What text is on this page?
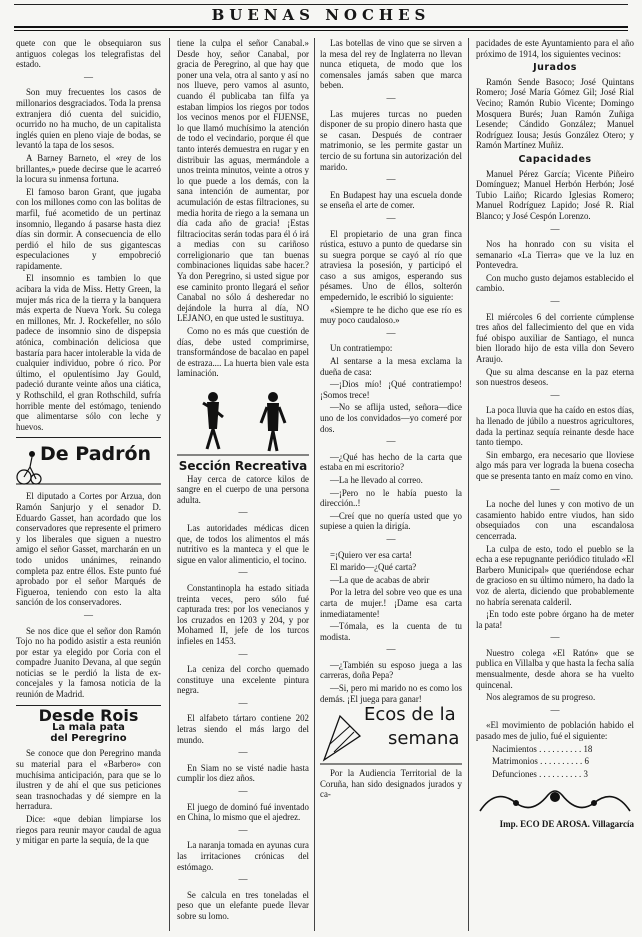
BUENAS NOCHES

quete con que le obsequiaron sus antiguos colegas los telegrafistas del estado.

—

Son muy frecuentes los casos de millonarios desgraciados. Toda la prensa extranjera dió cuenta del suicidio, ocurrido no ha mucho, de un capitalista inglés quien en pleno viaje de bodas, se levantó la tapa de los sesos.

A Barney Barneto, el «rey de los brillantes,» puede decirse que le acarreó la locura su inmensa fortuna.

El famoso baron Grant, que jugaba con los millones como con las bolitas de marfil, fué acometido de un pertinaz insomnio, llegando á pasarse hasta diez días sin dormir. A consecuencia de ello perdió el hilo de sus gigantescas especulaciones y empobreció rapidamente.

El insomnio es tambien lo que acibara la vida de Miss. Hetty Green, la mujer más rica de la tierra y la banquera más experta de Nueva York. Su colega en millones, Mr. J. Rockefeller, no sólo padece de insomnio sino de dispepsia atónica, combinación deliciosa que bastaría para hacer intolerable la vida de cualquier individuo, pobre ó rico. Por último, el opulentísimo Jay Gould, padeció durante veinte años una ciática, y Rothschild, el gran Rothschild, sufría horrible mente del estómago, teniendo que alimentarse sólo con leche y huevos.

De Padrón

El diputado a Cortes por Arzua, don Ramón Sanjurjo y el senador D. Eduardo Gasset, han acordado que los conservadores que represente el primero y los liberales que siguen a nuestro amigo el señor Gasset, marcharán en un todo unidos unánimes, reinando completa paz entre éllos. Este punto fué aprobado por el señor Marqués de Figueroa, teniendo con esto la alta sanción de los conservadores.

—

Se nos dice que el señor don Ramón Tojo no ha podido asistir a esta reunión por estar ya elegido por Coria con el compadre Juanito Devana, al que según noticias se le perdió la lista de ex-concejales y la famosa noticia de la reunión de Madrid.

Desde Rois
La mala pata
del Peregrino

Se conoce que don Peregrino manda su material para el «Barbero» con muchísima anticipación, para que se lo ilustren y de ahí el que sus peticiones sean trasnochadas y dé siempre en la herradura.

Dice: «que debian limpiarse los riegos para reunir mayor caudal de agua y mitigar en parte la sequía, de la que

tiene la culpa el señor Canabal.» Desde hoy, señor Canabal, por gracia de Peregrino, al que hay que poner una vela, otra al santo y así no nos llueve, pero vamos al asunto, cuando él publicaba tan filfa ya estaban limpios los riegos por todos los vecinos menos por el FIJENSE, lo que llamó muchísimo la atención de todo el vecindario, porque él que tanto interés demuestra en rugar y en distribuir las aguas, mermándole a unos treinta minutos, veinte a otros y lo que puede a los demás, con la sana intención de aumentar, por acumulación de estas filtraciones, su media horita de riego a la semana un día cada año de gracia! ¡Estas filtraciocitas serán todas para él ó irá a medias con su cariñoso correligionario que tan buenas combinaciones liquidas sabe hacer.? Ya don Peregrino, si usted sigue por ese caminito pronto llegará el señor Canabal no sólo á desheredar no dejándole la hurra al día, NO LEJANO, en que usted le sustituya.

Como no es más que cuestión de días, debe usted comprimirse, transformándose de bacalao en papel de estraza.... La huerta bien vale esta laminación.

Sección Recreativa

Hay cerca de catorce kilos de sangre en el cuerpo de una persona adulta.

—

Las autoridades médicas dicen que, de todos los alimentos el más nutritivo es la manteca y el que le sigue en valor alimenticio, el tocino.

—

Constantinopla ha estado sitiada treinta veces, pero sólo fué capturada tres: por los venecianos y los cruzados en 1203 y 204, y por Mohamed II, jefe de los turcos infieles en 1453.

—

La ceniza del corcho quemado constituye una excelente pintura negra.

—

El alfabeto tártaro contiene 202 letras siendo el más largo del mundo.

—

En Siam no se visté nadie hasta cumplir los diez años.

—

El juego de dominó fué inventado en China, lo mismo que el ajedrez.

—

La naranja tomada en ayunas cura las irritaciones crónicas del estómago.

—

Se calcula en tres toneladas el peso que un elefante puede llevar sobre su lomo.

Las botellas de vino que se sirven a la mesa del rey de Inglaterra no llevan nunca etiqueta, de modo que los comensales jamás saben que marca beben.

—

Las mujeres turcas no pueden disponer de su propio dinero hasta que se casan. Después de contraer matrimonio, se les permite gastar un tercio de su fortuna sin autorización del marido.

—

En Budapest hay una escuela donde se enseña el arte de comer.

—

El propietario de una gran finca rústica, estuvo a punto de quedarse sin su suegra porque se cayó al río que atraviesa la posesión, y participó el caso a sus amigos, esperando sus pésames. Uno de éllos, solterón empedernido, le escribió lo siguiente:

«Siempre te he dicho que ese río es muy poco caudaloso.»

—

Un contratiempo:

Al sentarse a la mesa exclama la dueña de casa:

—¡Dios mío! ¡Qué contratiempo! ¡Somos trece!

—No se aflija usted, señora—dice uno de los convidados—yo comeré por dos.

—

—¿Qué has hecho de la carta que estaba en mi escritorio?

—La he llevado al correo.

—¡Pero no le había puesto la dirección..!

—Creí que no quería usted que yo supiese a quien la dirigía.

—

=¡Quiero ver esa carta!

El marido—¿Qué carta?

—La que de acabas de abrir

Por la letra del sobre veo que es una carta de mujer.! ¡Dame esa carta inmediatamente!

—Tómala, es la cuenta de tu modista.

—

—¿También su esposo juega a las carreras, doña Pepa?

—Si, pero mi marido no es como los demás. ¡El juega para ganar!

Ecos de la
semana

Por la Audiencia Territorial de la Coruña, han sido designados jurados y ca-

pacidades de este Ayuntamiento para el año próximo de 1914, los siguientes vecinos:

Jurados

Ramón Sende Basoco; José Quintans Romero; José María Gómez Gil; José Rial Vecino; Ramón Rubio Vicente; Domingo Mosquera Burés; Juan Ramón Zuñiga Lesende; Cándido González; Manuel Rodríguez Iousa; Jesús González Otero; y Ramón Martínez Muñiz.

Capacidades

Manuel Pérez García; Vicente Piñeiro Domínguez; Manuel Herbón Herbón; José Tubio Laiño; Ricardo Iglesias Romero; Manuel Rodríguez Lapido; José R. Rial Blanco; y José Cespón Lorenzo.

—

Nos ha honrado con su visita el semanario «La Tierra» que ve la luz en Pontevedra.

Con mucho gusto dejamos establecido el cambio.

—

El miércoles 6 del corriente cúmplense tres años del fallecimiento del que en vida fué obispo auxiliar de Santiago, el nunca bien llorado hijo de esta villa don Severo Araujo.

Que su alma descanse en la paz eterna son nuestros deseos.

—

La poca lluvia que ha caído en estos días, ha llenado de júbilo a nuestros agricultores, dada la pertinaz sequía reinante desde hace tanto tiempo.

Sin embargo, era necesario que lloviese algo más para ver lograda la buena cosecha que se presenta tanto en maíz como en vino.

—

La noche del lunes y con motivo de un casamiento habido entre viudos, han sido obsequiados con una escandalosa cencerrada.

La culpa de esto, todo el pueblo se la echa a ese repugnante periódico titulado «El Barbero Municipal» que queriéndose echar de gracioso en su último número, ha dado la voz de alerta, diciendo que probablemente no habría serenata calderil.

¡En todo este pobre órgano ha de meter la pata!

—

Nuestro colega «El Ratón» que se publica en Villalba y que hasta la fecha salía mensualmente, desde ahora se ha vuelto quincenal.

Nos alegramos de su progreso.

—

«El movimiento de población habido el pasado mes de julio, fué el siguiente:

Nacimientos . . . . . . . . . . 18

Matrimonios . . . . . . . . . . 6

Defunciones . . . . . . . . . . 3

Imp. ECO DE AROSA. Villagarcía
